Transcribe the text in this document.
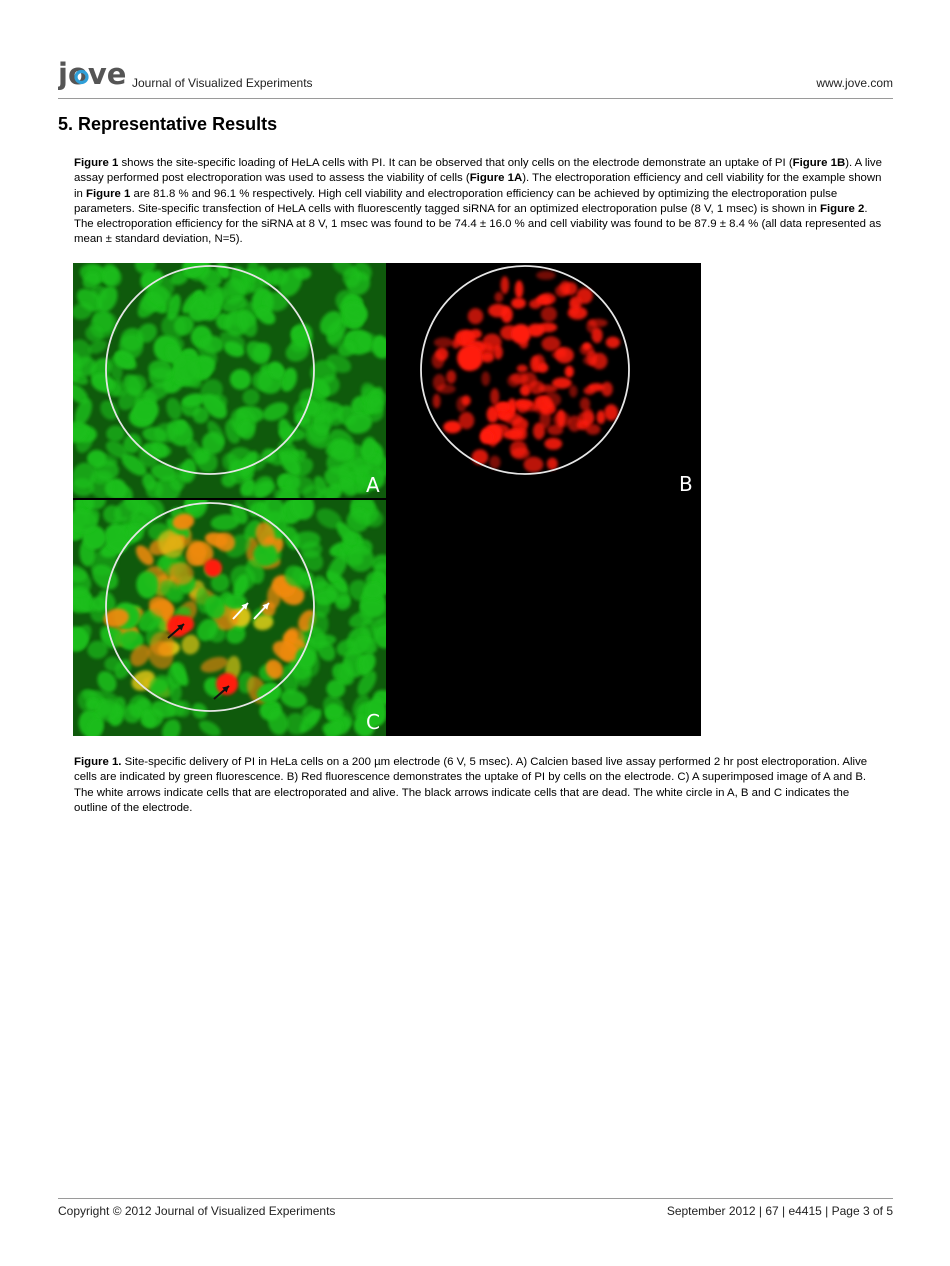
jove Journal of Visualized Experiments	www.jove.com
5. Representative Results

Figure 1 shows the site-specific loading of HeLA cells with PI. It can be observed that only cells on the electrode demonstrate an uptake of PI (Figure 1B). A live assay performed post electroporation was used to assess the viability of cells (Figure 1A). The electroporation efficiency and cell viability for the example shown in Figure 1 are 81.8 % and 96.1 % respectively. High cell viability and electroporation efficiency can be achieved by optimizing the electroporation pulse parameters. Site-specific transfection of HeLA cells with fluorescently tagged siRNA for an optimized electroporation pulse (8 V, 1 msec) is shown in Figure 2. The electroporation efficiency for the siRNA at 8 V, 1 msec was found to be 74.4 ± 16.0 % and cell viability was found to be 87.9 ± 8.4 % (all data represented as mean ± standard deviation, N=5).

A	B
C

Figure 1. Site-specific delivery of PI in HeLa cells on a 200 µm electrode (6 V, 5 msec). A) Calcien based live assay performed 2 hr post electroporation. Alive cells are indicated by green fluorescence. B) Red fluorescence demonstrates the uptake of PI by cells on the electrode. C) A superimposed image of A and B. The white arrows indicate cells that are electroporated and alive. The black arrows indicate cells that are dead. The white circle in A, B and C indicates the outline of the electrode.

Copyright © 2012 Journal of Visualized Experiments	September 2012 | 67 | e4415 | Page 3 of 5
